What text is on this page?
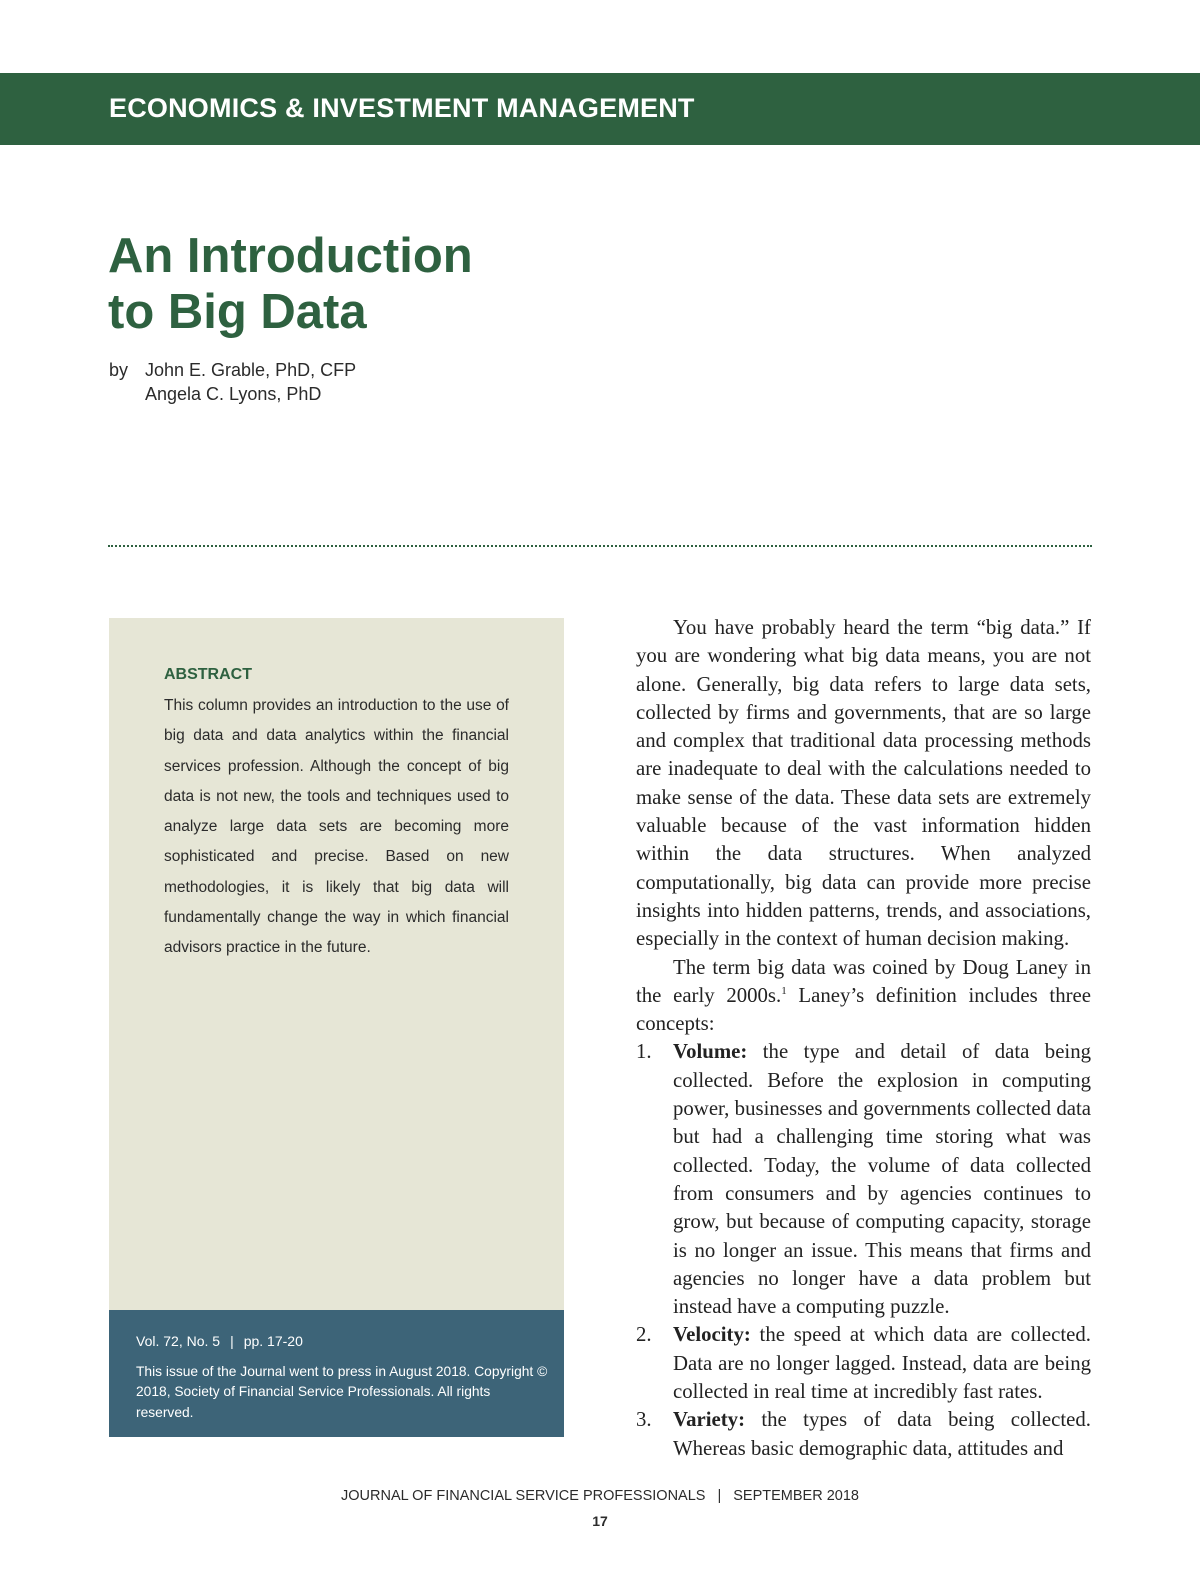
ECONOMICS & INVESTMENT MANAGEMENT
An Introduction
to Big Data
by John E. Grable, PhD, CFP
Angela C. Lyons, PhD
ABSTRACT

This column provides an introduction to the use of big data and data analytics within the financial services profession. Although the concept of big data is not new, the tools and techniques used to analyze large data sets are becoming more sophisticated and precise. Based on new methodologies, it is likely that big data will fundamentally change the way in which financial advisors practice in the future.

Vol. 72, No. 5 | pp. 17-20

This issue of the Journal went to press in August 2018. Copyright © 2018, Society of Financial Service Professionals. All rights reserved.

You have probably heard the term “big data.” If you are wondering what big data means, you are not alone. Generally, big data refers to large data sets, collected by firms and governments, that are so large and complex that traditional data processing methods are inadequate to deal with the calculations needed to make sense of the data. These data sets are extremely valuable because of the vast information hidden within the data structures. When analyzed computationally, big data can provide more precise insights into hidden patterns, trends, and associations, especially in the context of human decision making.

The term big data was coined by Doug Laney in the early 2000s.$^1$ Laney’s definition includes three concepts:

1. Volume: the type and detail of data being collected. Before the explosion in computing power, businesses and governments collected data but had a challenging time storing what was collected. Today, the volume of data collected from consumers and by agencies continues to grow, but because of computing capacity, storage is no longer an issue. This means that firms and agencies no longer have a data problem but instead have a computing puzzle.
2. Velocity: the speed at which data are collected. Data are no longer lagged. Instead, data are being collected in real time at incredibly fast rates.
3. Variety: the types of data being collected. Whereas basic demographic data, attitudes and
JOURNAL OF FINANCIAL SERVICE PROFESSIONALS | SEPTEMBER 2018
17
